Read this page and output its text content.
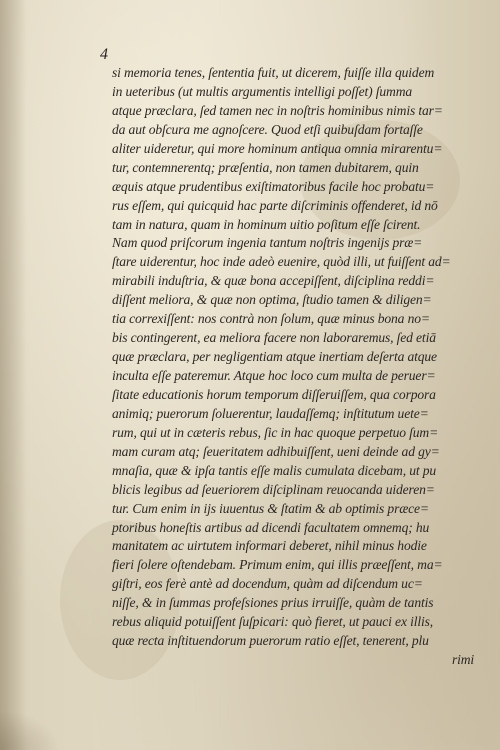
4
si memoria tenes, ſententia fuit, ut dicerem, fuiſſe illa quidem
in ueteribus (ut multis argumentis intelligi poſſet) ſumma
atque præclara, ſed tamen nec in noſtris hominibus nimis tar=
da aut obſcura me agnoſcere. Quod etſi quibuſdam fortaſſe
aliter uideretur, qui more hominum antiqua omnia mirarentu=
tur, contemnerentq; præſentia, non tamen dubitarem, quin
æquis atque prudentibus exiſtimatoribus facile hoc probatu=
rus eſſem, qui quicquid hac parte diſcriminis offenderet, id nō
tam in natura, quam in hominum uitio poſitum eſſe ſcirent.
Nam quod priſcorum ingenia tantum noſtris ingenijs præ=
ſtare uiderentur, hoc inde adeò euenire, quòd illi, ut fuiſſent ad=
mirabili induſtria, & quæ bona accepiſſent, diſciplina reddi=
diſſent meliora, & quæ non optima, ſtudio tamen & diligen=
tia correxiſſent: nos contrà non ſolum, quæ minus bona no=
bis contingerent, ea meliora facere non laboraremus, ſed etiā
quæ præclara, per negligentiam atque inertiam deſerta atque
inculta eſſe pateremur. Atque hoc loco cum multa de peruer=
ſitate educationis horum temporum diſſeruiſſem, qua corpora
animiq; puerorum ſoluerentur, laudaſſemq; inſtitutum uete=
rum, qui ut in cæteris rebus, ſic in hac quoque perpetuo ſum=
mam curam atq; ſeueritatem adhibuiſſent, ueni deinde ad gy=
mnaſia, quæ & ipſa tantis eſſe malis cumulata dicebam, ut pu
blicis legibus ad ſeueriorem diſciplinam reuocanda uideren=
tur. Cum enim in ijs iuuentus & ſtatim & ab optimis præce=
ptoribus honeſtis artibus ad dicendi facultatem omnemq; hu
manitatem ac uirtutem informari deberet, nihil minus hodie
fieri ſolere oſtendebam. Primum enim, qui illis præeſſent, ma=
giſtri, eos ferè antè ad docendum, quàm ad diſcendum uc=
niſſe, & in ſummas profeſsiones prius irruiſſe, quàm de tantis
rebus aliquid potuiſſent ſuſpicari: quò fieret, ut pauci ex illis,
quæ recta inſtituendorum puerorum ratio eſſet, tenerent, plu
rimi
